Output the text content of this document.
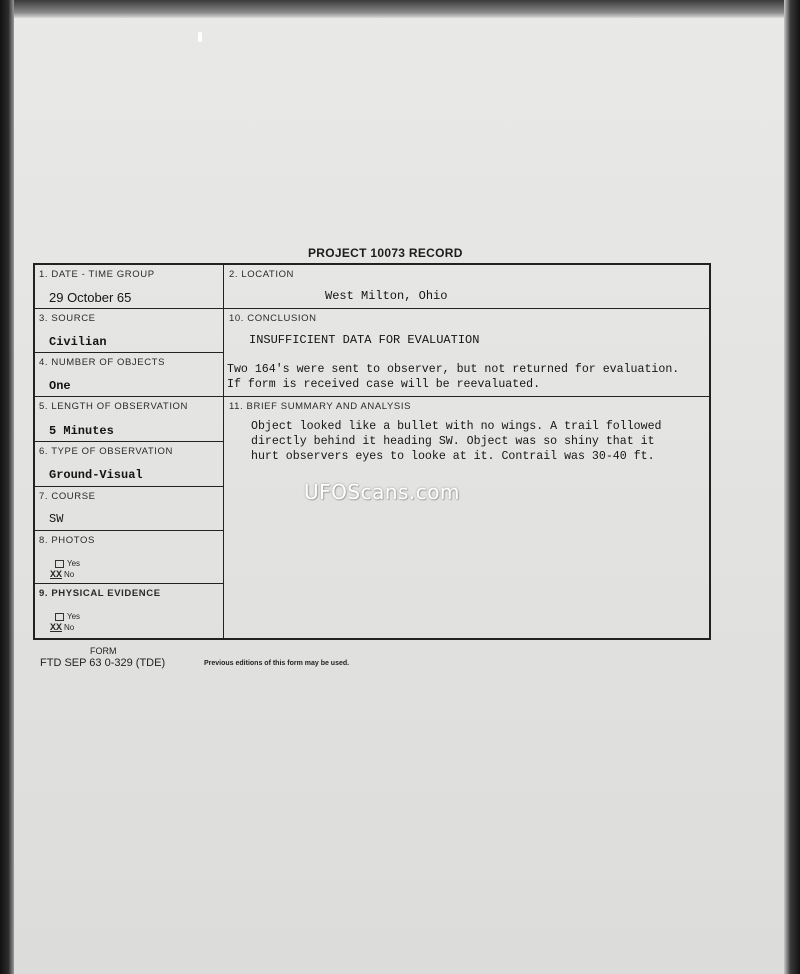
PROJECT 10073 RECORD
1. DATE - TIME GROUP
29 October 65
2. LOCATION
West Milton, Ohio
3. SOURCE
Civilian
10. CONCLUSION
INSUFFICIENT DATA FOR EVALUATION
Two 164's were sent to observer, but not returned for evaluation.
If form is received case will be reevaluated.
4. NUMBER OF OBJECTS
One
5. LENGTH OF OBSERVATION
5 Minutes
11. BRIEF SUMMARY AND ANALYSIS
Object looked like a bullet with no wings. A trail followed
directly behind it heading SW. Object was so shiny that it
hurt observers eyes to looke at it. Contrail was 30-40 ft.
6. TYPE OF OBSERVATION
Ground-Visual
7. COURSE
SW
8. PHOTOS
Yes
XX No
9. PHYSICAL EVIDENCE
Yes
XX No
UFOScans.com
FORM
FTD SEP 63 0-329 (TDE)	Previous editions of this form may be used.
